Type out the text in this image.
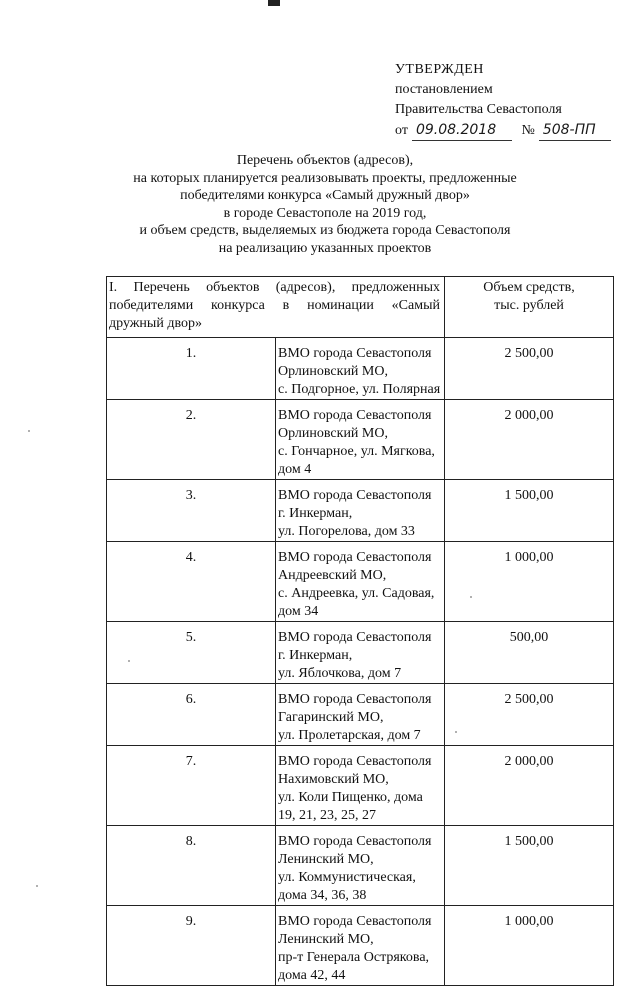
УТВЕРЖДЕН
постановлением
Правительства Севастополя
от 09.08.2018 № 508-ПП
Перечень объектов (адресов),
на которых планируется реализовывать проекты, предложенные
победителями конкурса «Самый дружный двор»
в городе Севастополе на 2019 год,
и объем средств, выделяемых из бюджета города Севастополя
на реализацию указанных проектов
I. Перечень объектов (адресов), предложенных победителями конкурса в номинации «Самый дружный двор»		Объем средств,
тыс. рублей

1.	ВМО города Севастополя Орлиновский МО,
с. Подгорное, ул. Полярная	2 500,00
2.	ВМО города Севастополя Орлиновский МО,
с. Гончарное, ул. Мягкова, дом 4	2 000,00
3.	ВМО города Севастополя г. Инкерман,
ул. Погорелова, дом 33	1 500,00
4.	ВМО города Севастополя Андреевский МО,
с. Андреевка, ул. Садовая, дом 34	1 000,00
5.	ВМО города Севастополя г. Инкерман,
ул. Яблочкова, дом 7	500,00
6.	ВМО города Севастополя Гагаринский МО,
ул. Пролетарская, дом 7	2 500,00
7.	ВМО города Севастополя Нахимовский МО,
ул. Коли Пищенко, дома 19, 21, 23, 25, 27	2 000,00
8.	ВМО города Севастополя Ленинский МО,
ул. Коммунистическая, дома 34, 36, 38	1 500,00
9.	ВМО города Севастополя Ленинский МО,
пр-т Генерала Острякова, дома 42, 44	1 000,00
